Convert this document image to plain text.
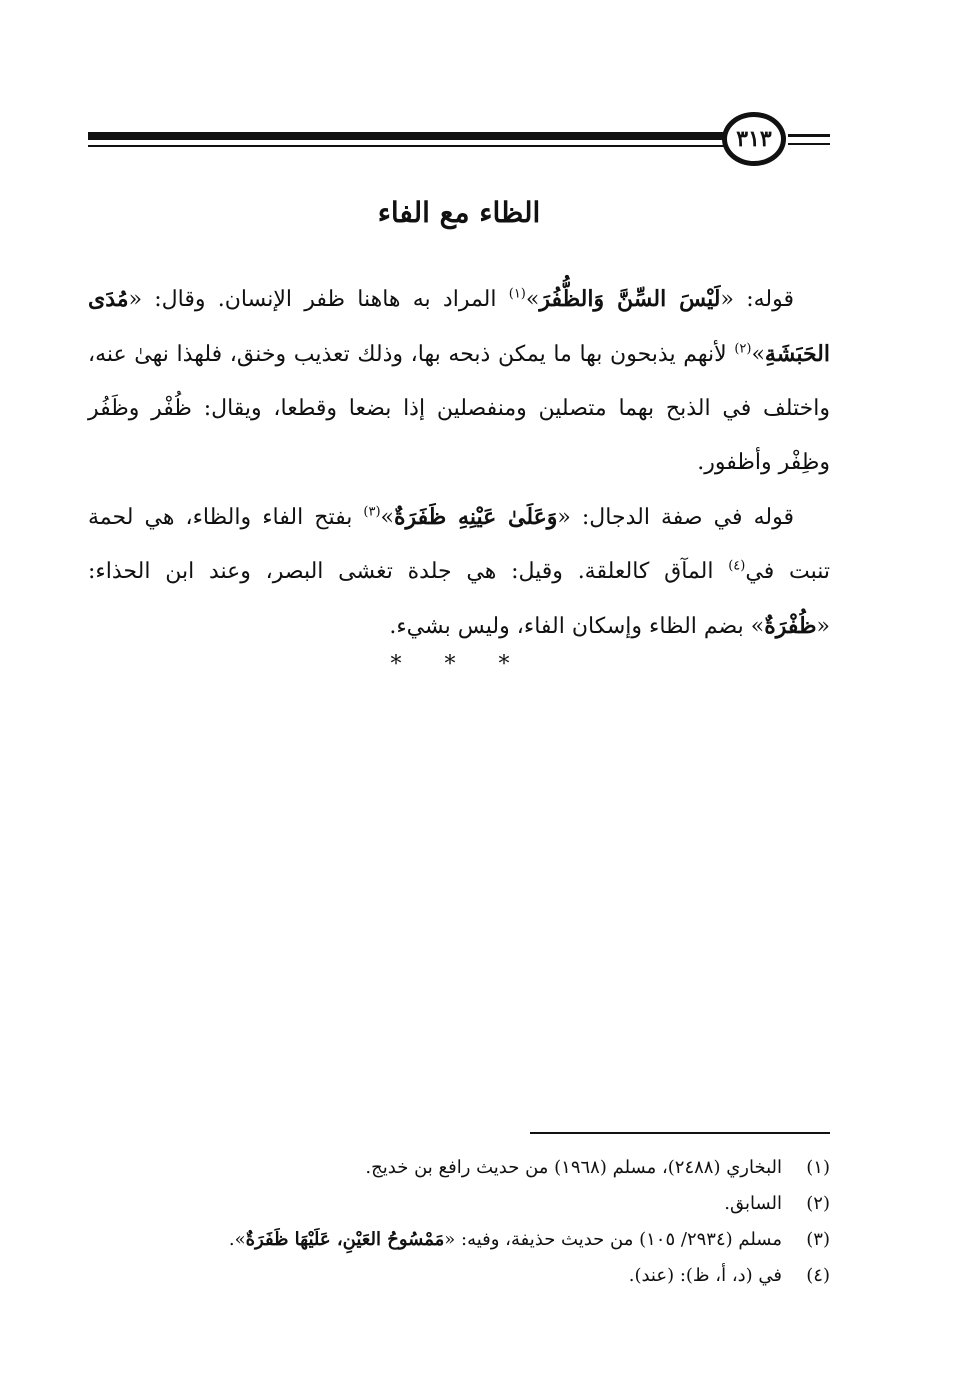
٣١٣
الظاء مع الفاء

قوله: «لَيْسَ السِّنَّ وَالظُّفُرَ»$^{(١)}$ المراد به هاهنا ظفر الإنسان. وقال: «مُدَى الحَبَشَةِ»$^{(٢)}$ لأنهم يذبحون بها ما يمكن ذبحه بها، وذلك تعذيب وخنق، فلهذا نهىٰ عنه، واختلف في الذبح بهما متصلين ومنفصلين إذا بضعا وقطعا، ويقال: ظُفْر وظَفُر وظِفْر وأظفور.

قوله في صفة الدجال: «وَعَلَىٰ عَيْنِهِ ظَفَرَةٌ»$^{(٣)}$ بفتح الفاء والظاء، هي لحمة تنبت في$^{(٤)}$ المآق كالعلقة. وقيل: هي جلدة تغشى البصر، وعند ابن الحذاء: «ظُفْرَةٌ» بضم الظاء وإسكان الفاء، وليس بشيء.

* * *
(١)
البخاري (٢٤٨٨)، مسلم (١٩٦٨) من حديث رافع بن خديج.
(٢)
السابق.
(٣)
مسلم (٢٩٣٤/ ١٠٥) من حديث حذيفة، وفيه: «مَمْسُوحُ العَيْنِ، عَلَيْهَا ظَفَرَةٌ».
(٤)
في (د، أ، ظ): (عند).
